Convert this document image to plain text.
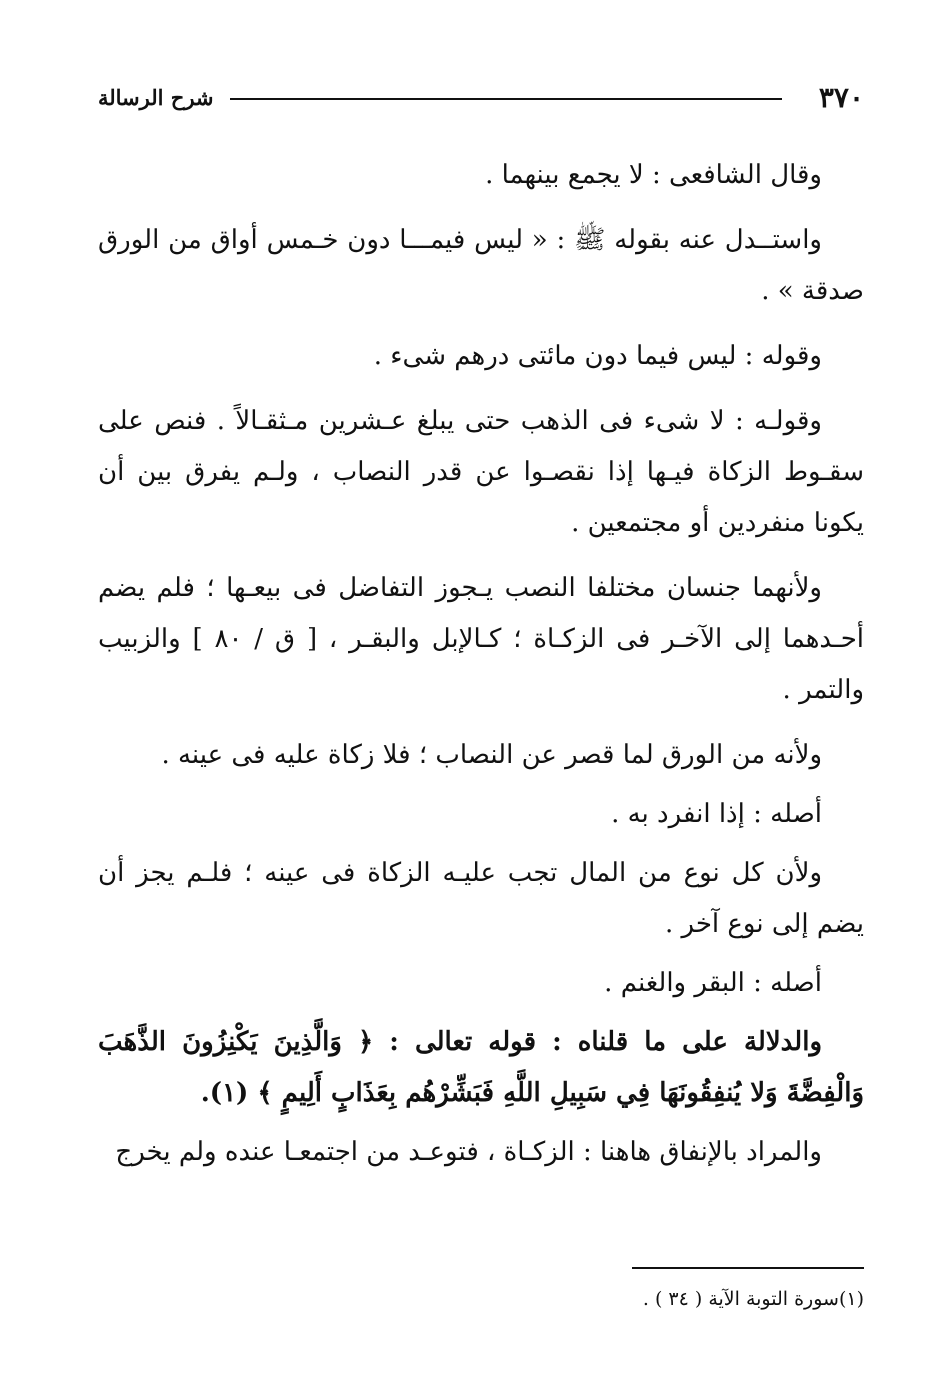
٣٧٠
شرح الرسالة

وقال الشافعى : لا يجمع بينهما .

واستــدل عنه بقوله ﷺ : « ليس فيمـــا دون خـمس أواق من الورق صدقة » .

وقوله : ليس فيما دون مائتى درهم شىء .

وقولـه : لا شىء فى الذهب حتى يبلغ عـشرين مـثقـالاً . فنص على سقـوط الزكاة فيـها إذا نقصـوا عن قدر النصاب ، ولـم يفرق بين أن يكونا منفردين أو مجتمعين .

ولأنهما جنسان مختلفا النصب يـجوز التفاضل فى بيعـها ؛ فلم يضم أحـدهما إلى الآخـر فى الزكـاة ؛ كـالإبل والبقـر ، [ ق / ٨٠ ] والزبيب والتمر .

ولأنه من الورق لما قصر عن النصاب ؛ فلا زكاة عليه فى عينه .

أصله : إذا انفرد به .

ولأن كل نوع من المال تجب عليـه الزكاة فى عينه ؛ فلـم يجز أن يضم إلى نوع آخر .

أصله : البقر والغنم .

والدلالة على ما قلناه : قوله تعالى : ﴿ وَالَّذِينَ يَكْنِزُونَ الذَّهَبَ وَالْفِضَّةَ وَلا يُنفِقُونَهَا فِي سَبِيلِ اللَّهِ فَبَشِّرْهُم بِعَذَابٍ أَلِيمٍ ﴾ (١).

والمراد بالإنفاق هاهنا : الزكـاة ، فتوعـد من اجتمعـا عنده ولم يخرج

(١)سورة التوبة الآية ( ٣٤ ) .
